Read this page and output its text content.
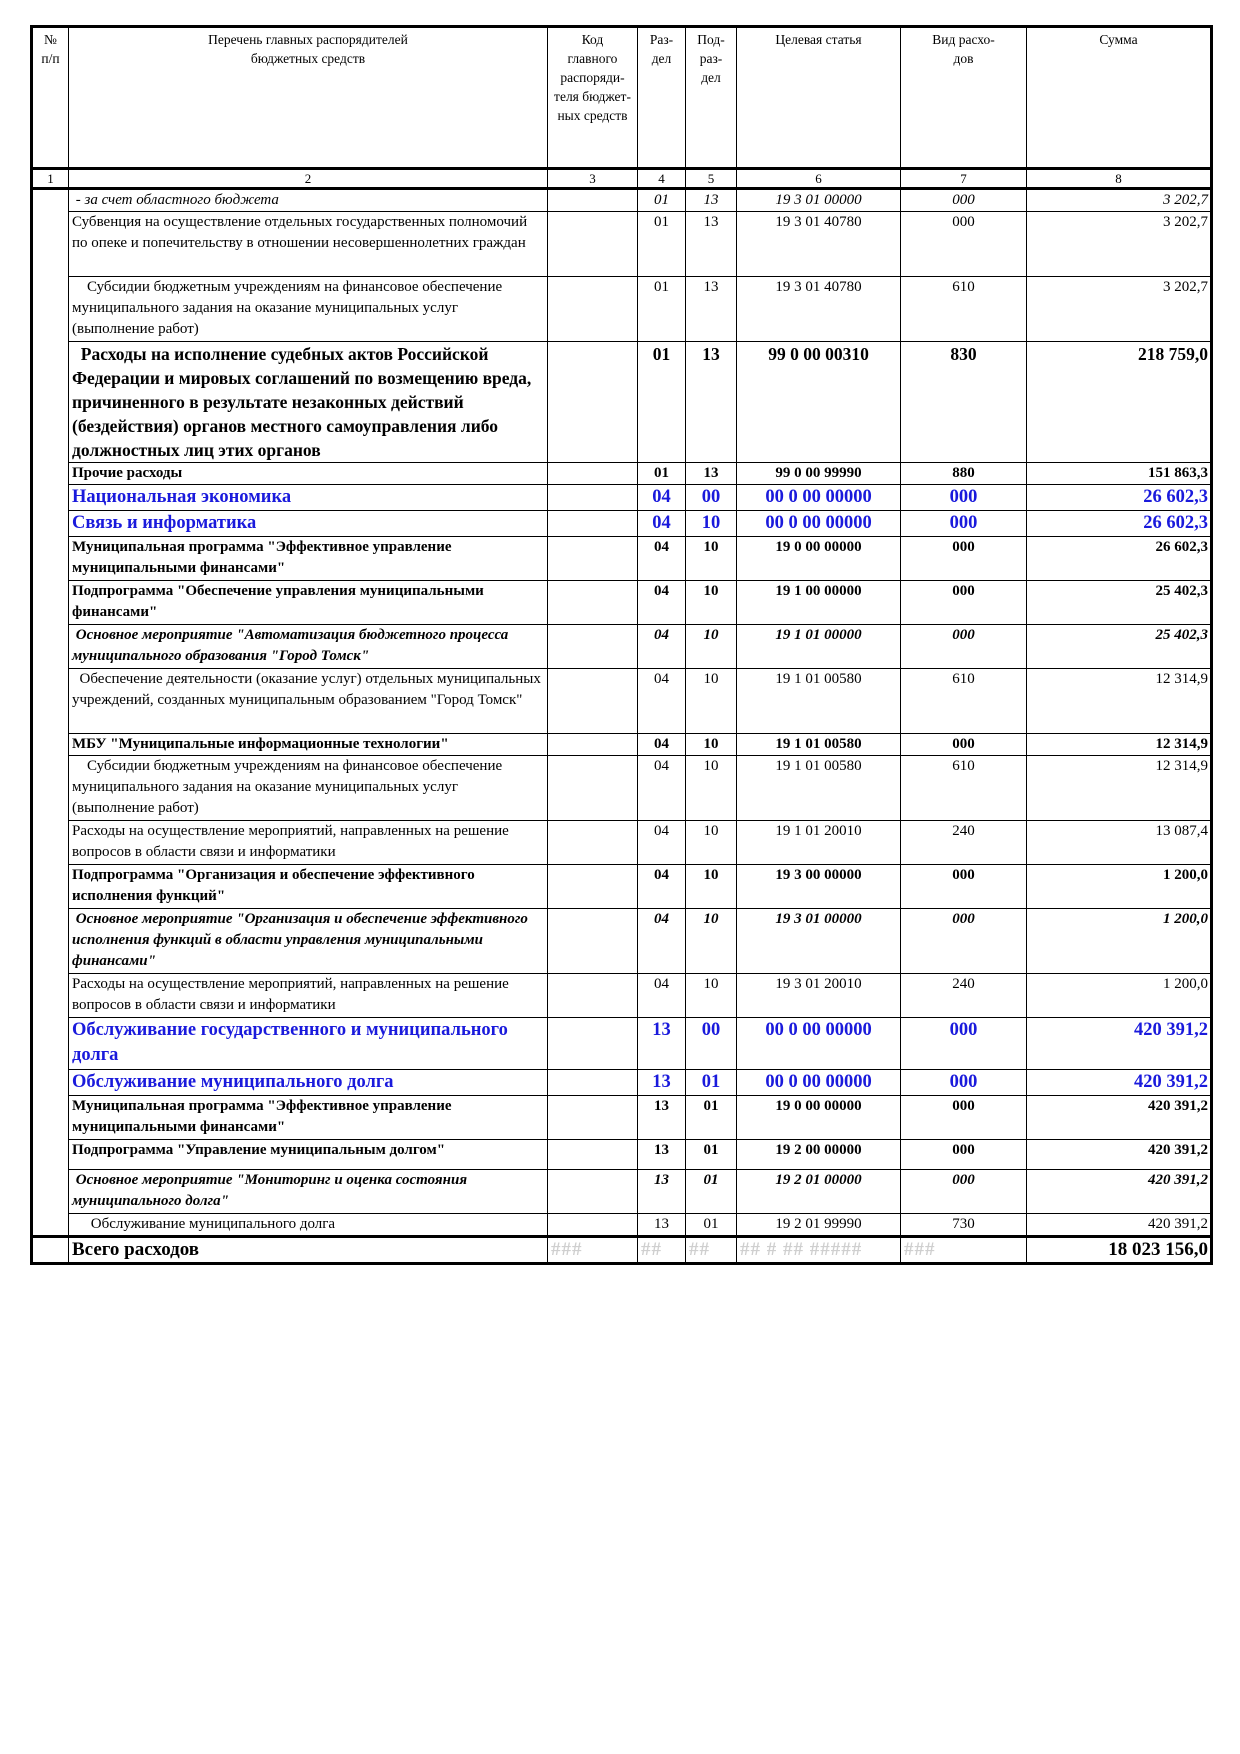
№
п/п	Перечень главных распорядителей
бюджетных средств	Код
главного
распоряди-
теля бюджет-
ных средств	Раз-
дел	Под-
раз-
дел	Целевая статья	Вид расхо-
дов	Сумма
1	2	3	4	5	6	7	8
	- за счет областного бюджета		01	13	19 3 01 00000	000	3 202,7
	Субвенция на осуществление отдельных государственных полномочий по опеке и попечительству в отношении несовершеннолетних граждан		01	13	19 3 01 40780	000	3 202,7
	Субсидии бюджетным учреждениям на финансовое обеспечение муниципального задания на оказание муниципальных услуг (выполнение работ)		01	13	19 3 01 40780	610	3 202,7
	Расходы на исполнение судебных актов Российской Федерации и мировых соглашений по возмещению вреда, причиненного в результате незаконных действий (бездействия) органов местного самоуправления либо должностных лиц этих органов		01	13	99 0 00 00310	830	218 759,0
	Прочие расходы		01	13	99 0 00 99990	880	151 863,3
	Национальная экономика		04	00	00 0 00 00000	000	26 602,3
	Связь и информатика		04	10	00 0 00 00000	000	26 602,3
	Муниципальная программа "Эффективное управление муниципальными финансами"		04	10	19 0 00 00000	000	26 602,3
	Подпрограмма "Обеспечение управления муниципальными финансами"		04	10	19 1 00 00000	000	25 402,3
	Основное мероприятие "Автоматизация бюджетного процесса муниципального образования "Город Томск"		04	10	19 1 01 00000	000	25 402,3
	Обеспечение деятельности (оказание услуг) отдельных муниципальных учреждений, созданных муниципальным образованием "Город Томск"		04	10	19 1 01 00580	610	12 314,9
	МБУ "Муниципальные информационные технологии"		04	10	19 1 01 00580	000	12 314,9
	Субсидии бюджетным учреждениям на финансовое обеспечение муниципального задания на оказание муниципальных услуг (выполнение работ)		04	10	19 1 01 00580	610	12 314,9
	Расходы на осуществление мероприятий, направленных на решение вопросов в области связи и информатики		04	10	19 1 01 20010	240	13 087,4
	Подпрограмма "Организация и обеспечение эффективного исполнения функций"		04	10	19 3 00 00000	000	1 200,0
	Основное мероприятие "Организация и обеспечение эффективного исполнения функций в области управления муниципальными финансами"		04	10	19 3 01 00000	000	1 200,0
	Расходы на осуществление мероприятий, направленных на решение вопросов в области связи и информатики		04	10	19 3 01 20010	240	1 200,0
	Обслуживание государственного и муниципального долга		13	00	00 0 00 00000	000	420 391,2
	Обслуживание муниципального долга		13	01	00 0 00 00000	000	420 391,2
	Муниципальная программа "Эффективное управление муниципальными финансами"		13	01	19 0 00 00000	000	420 391,2
	Подпрограмма "Управление муниципальным долгом"		13	01	19 2 00 00000	000	420 391,2
	Основное мероприятие "Мониторинг и оценка состояния муниципального долга"		13	01	19 2 01 00000	000	420 391,2
	Обслуживание муниципального долга		13	01	19 2 01 99990	730	420 391,2
	Всего расходов	###	##	##	## # ## #####	###	18 023 156,0
